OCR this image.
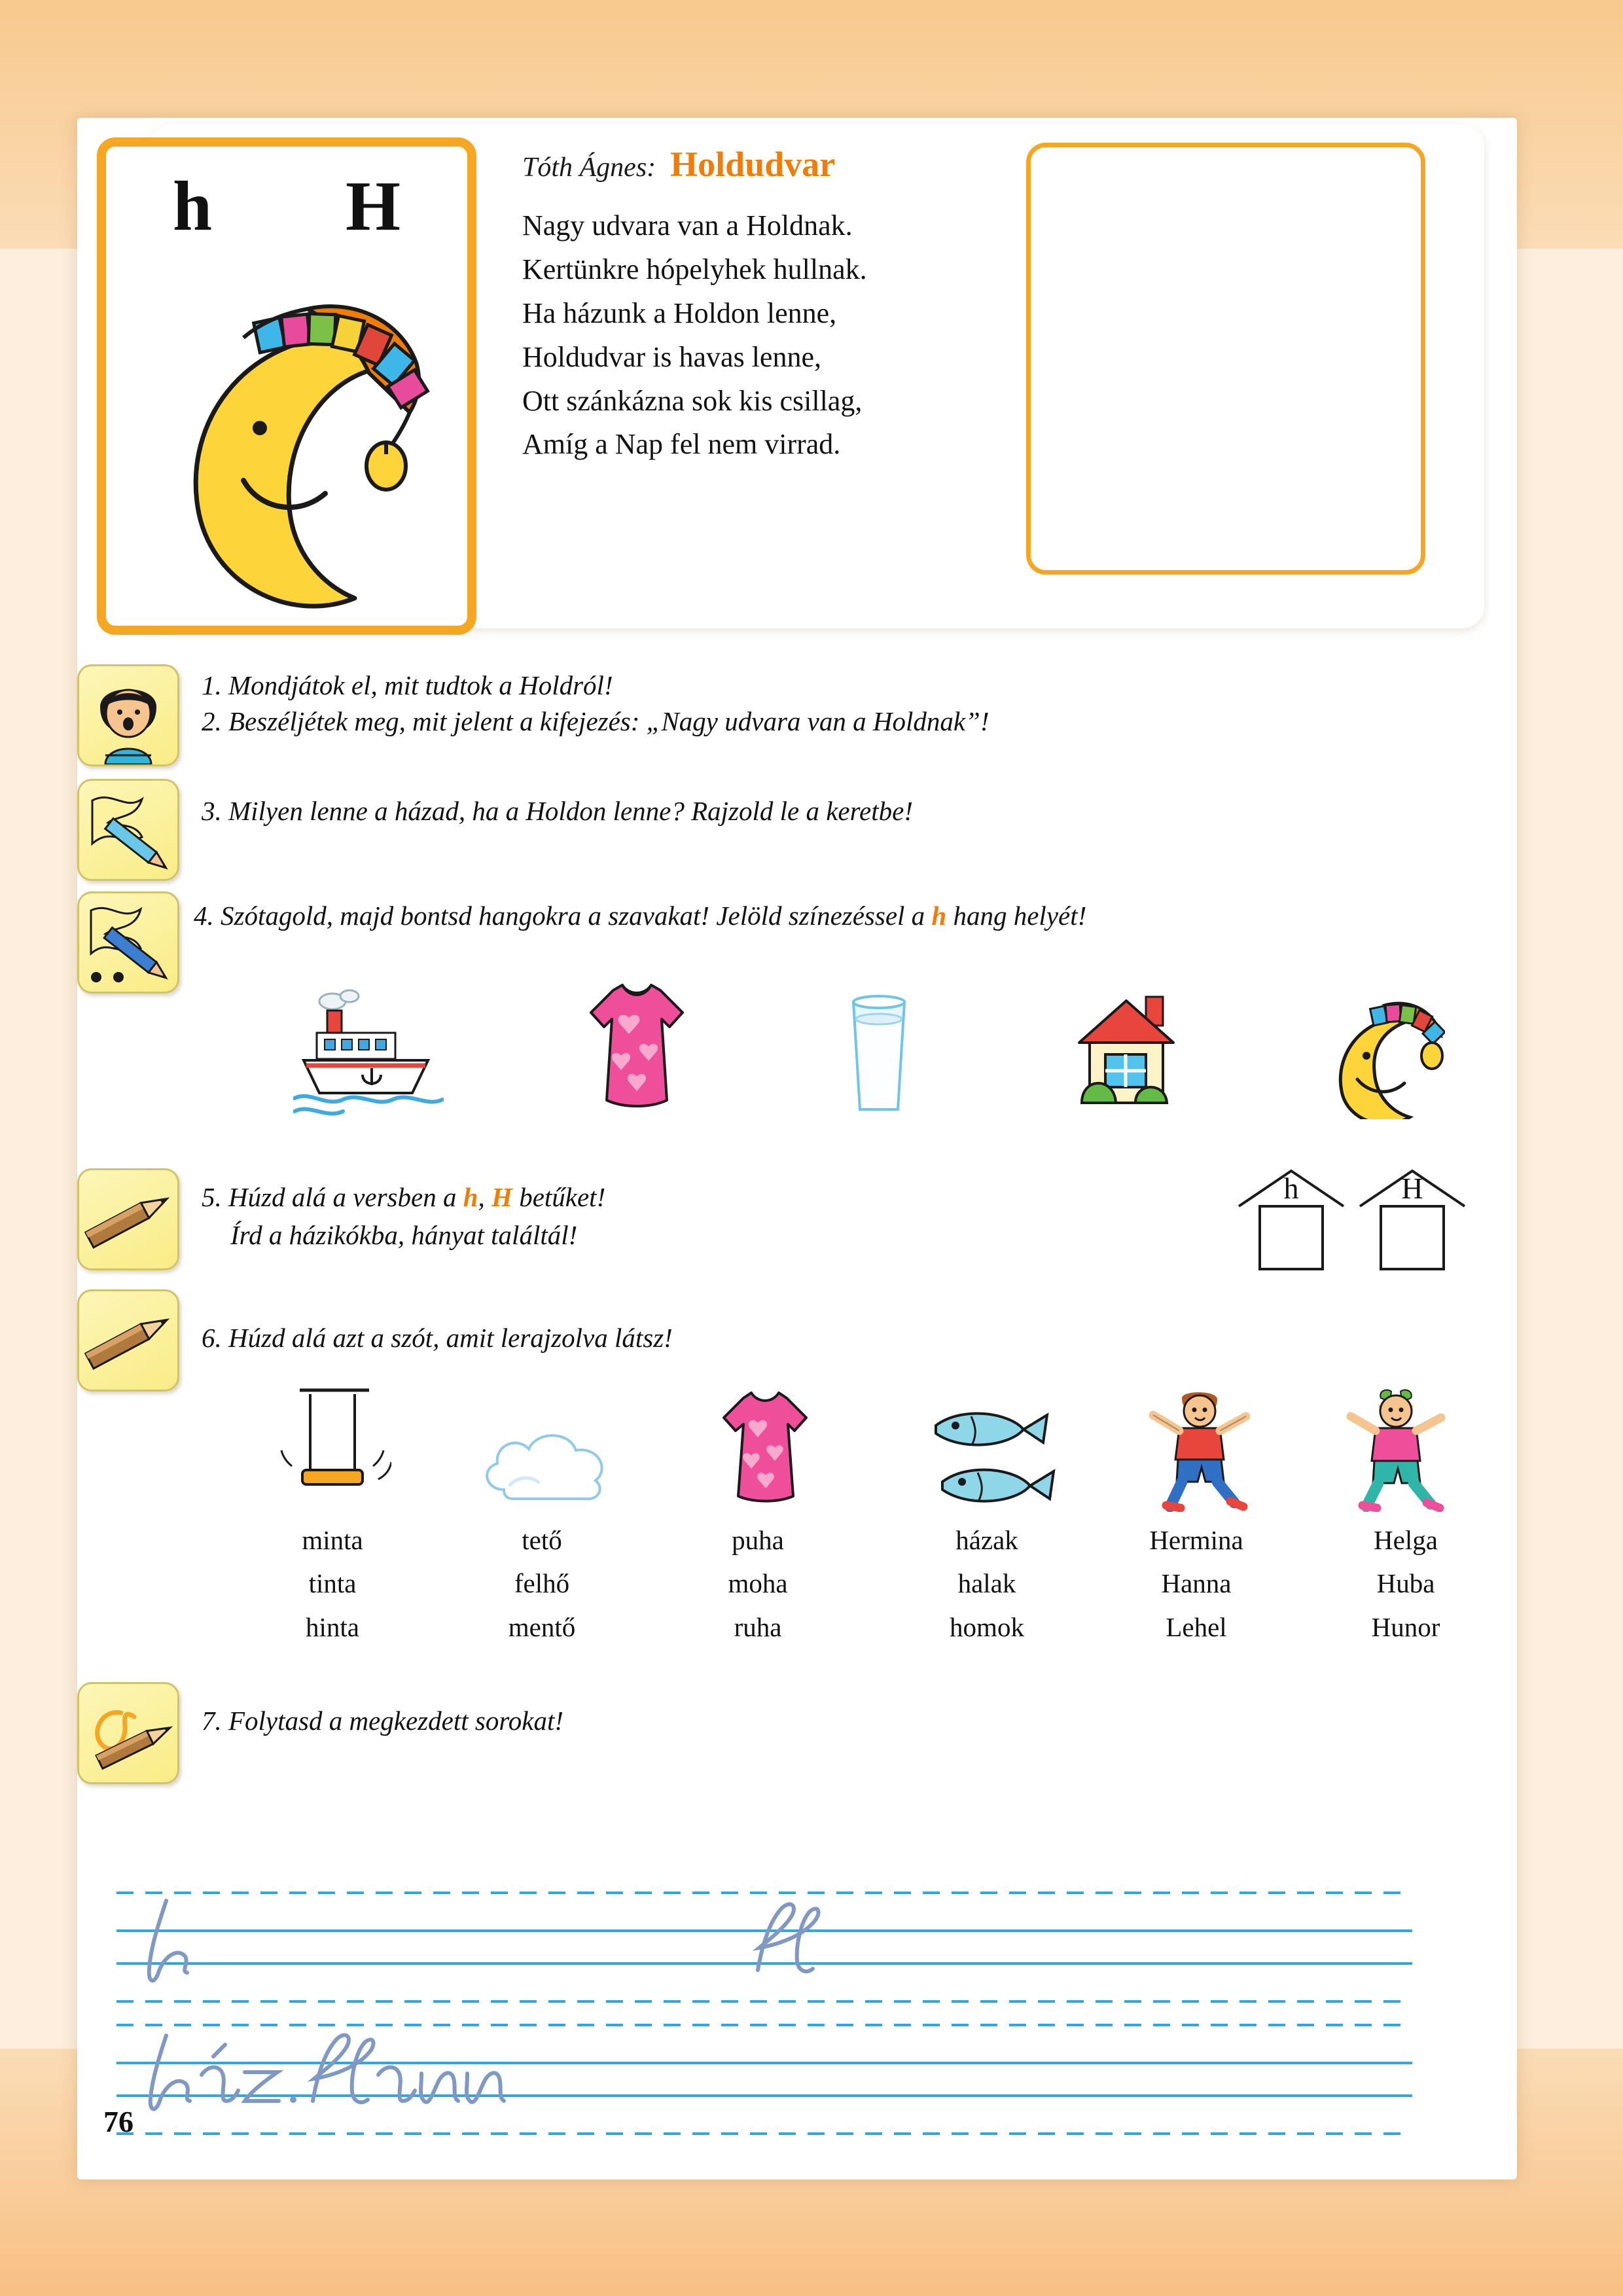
h H	Tóth Ágnes: Holdudvar
Nagy udvara van a Holdnak.
Kertünkre hópelyhek hullnak.
Ha házunk a Holdon lenne,
Holdudvar is havas lenne,
Ott szánkázna sok kis csillag,
Amíg a Nap fel nem virrad.
1. Mondjátok el, mit tudtok a Holdról!
2. Beszéljétek meg, mit jelent a kifejezés: „Nagy udvara van a Holdnak”!
3. Milyen lenne a házad, ha a Holdon lenne? Rajzold le a keretbe!
4. Szótagold, majd bontsd hangokra a szavakat! Jelöld színezéssel a h hang helyét!
5. Húzd alá a versben a h, H betűket!
Írd a házikókba, hányat találtál!
h	H
6. Húzd alá azt a szót, amit lerajzolva látsz!
minta
tinta
hinta
tető
felhő
mentő
puha
moha
ruha
házak
halak
homok
Hermina
Hanna
Lehel
Helga
Huba
Hunor
7. Folytasd a megkezdett sorokat!
76
